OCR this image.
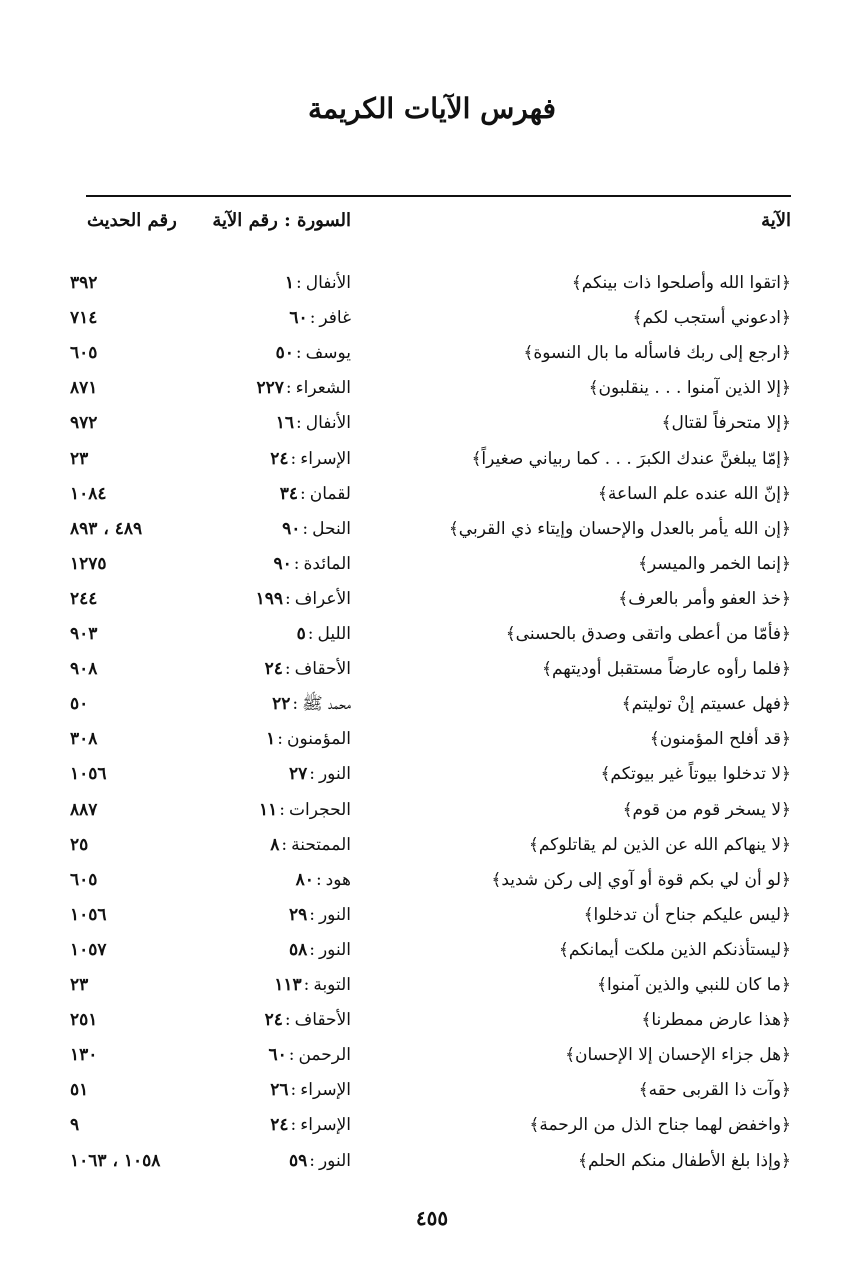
فهرس الآيات الكريمة
الآية
السورة : رقم الآية
رقم الحديث
﴿اتقوا الله وأصلحوا ذات بينكم﴾
الأنفال:١
٣٩٢
﴿ادعوني أستجب لكم﴾
غافر:٦٠
٧١٤
﴿ارجع إلى ربك فاسأله ما بال النسوة﴾
يوسف:٥٠
٦٠٥
﴿إلا الذين آمنوا . . . ينقلبون﴾
الشعراء:٢٢٧
٨٧١
﴿إلا متحرفاً لقتال﴾
الأنفال:١٦
٩٧٢
﴿إمّا يبلغنَّ عندك الكبرَ . . . كما ربياني صغيراً﴾
الإسراء:٢٤
٢٣
﴿إنّ الله عنده علم الساعة﴾
لقمان:٣٤
١٠٨٤
﴿إن الله يأمر بالعدل والإحسان وإيتاء ذي القربي﴾
النحل:٩٠
٤٨٩ ، ٨٩٣
﴿إنما الخمر والميسر﴾
المائدة:٩٠
١٢٧٥
﴿خذ العفو وأمر بالعرف﴾
الأعراف:١٩٩
٢٤٤
﴿فأمّا من أعطى واتقى وصدق بالحسنى﴾
الليل:٥
٩٠٣
﴿فلما رأوه عارضاً مستقبل أوديتهم﴾
الأحقاف:٢٤
٩٠٨
﴿فهل عسيتم إنْ توليتم﴾
محمد ﷺ:٢٢
٥٠
﴿قد أفلح المؤمنون﴾
المؤمنون:١
٣٠٨
﴿لا تدخلوا بيوتاً غير بيوتكم﴾
النور:٢٧
١٠٥٦
﴿لا يسخر قوم من قوم﴾
الحجرات:١١
٨٨٧
﴿لا ينهاكم الله عن الذين لم يقاتلوكم﴾
الممتحنة:٨
٢٥
﴿لو أن لي بكم قوة أو آوي إلى ركن شديد﴾
هود:٨٠
٦٠٥
﴿ليس عليكم جناح أن تدخلوا﴾
النور:٢٩
١٠٥٦
﴿ليستأذنكم الذين ملكت أيمانكم﴾
النور:٥٨
١٠٥٧
﴿ما كان للنبي والذين آمنوا﴾
التوبة:١١٣
٢٣
﴿هذا عارض ممطرنا﴾
الأحقاف:٢٤
٢٥١
﴿هل جزاء الإحسان إلا الإحسان﴾
الرحمن:٦٠
١٣٠
﴿وآت ذا القربى حقه﴾
الإسراء:٢٦
٥١
﴿واخفض لهما جناح الذل من الرحمة﴾
الإسراء:٢٤
٩
﴿وإذا بلغ الأطفال منكم الحلم﴾
النور:٥٩
١٠٥٨ ، ١٠٦٣
٤٥٥
